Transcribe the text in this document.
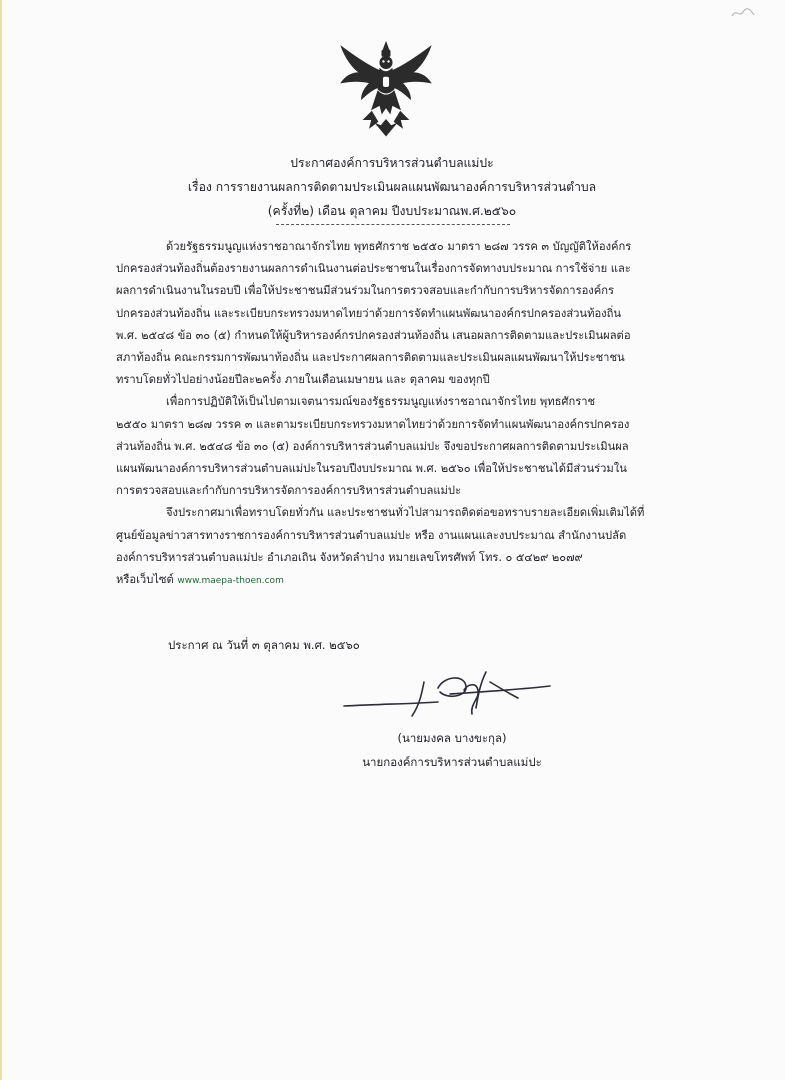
ประกาศองค์การบริหารส่วนตำบลแม่ปะ
เรื่อง การรายงานผลการติดตามประเมินผลแผนพัฒนาองค์การบริหารส่วนตำบล
(ครั้งที่๒) เดือน ตุลาคม ปีงบประมาณพ.ศ.๒๕๖๐

ด้วยรัฐธรรมนูญแห่งราชอาณาจักรไทย พุทธศักราช ๒๕๕๐ มาตรา ๒๘๗ วรรค ๓ บัญญัติให้องค์กร
ปกครองส่วนท้องถิ่นต้องรายงานผลการดำเนินงานต่อประชาชนในเรื่องการจัดทางบประมาณ การใช้จ่าย และ
ผลการดำเนินงานในรอบปี เพื่อให้ประชาชนมีส่วนร่วมในการตรวจสอบและกำกับการบริหารจัดการองค์กร
ปกครองส่วนท้องถิ่น และระเบียบกระทรวงมหาดไทยว่าด้วยการจัดทำแผนพัฒนาองค์กรปกครองส่วนท้องถิ่น
พ.ศ. ๒๕๔๘ ข้อ ๓๐ (๕) กำหนดให้ผู้บริหารองค์กรปกครองส่วนท้องถิ่น เสนอผลการติดตามและประเมินผลต่อ
สภาท้องถิ่น คณะกรรมการพัฒนาท้องถิ่น และประกาศผลการติดตามและประเมินผลแผนพัฒนาให้ประชาชน
ทราบโดยทั่วไปอย่างน้อยปีละ๒ครั้ง ภายในเดือนเมษายน และ ตุลาคม ของทุกปี

เพื่อการปฏิบัติให้เป็นไปตามเจตนารมณ์ของรัฐธรรมนูญแห่งราชอาณาจักรไทย พุทธศักราช
๒๕๕๐ มาตรา ๒๘๗ วรรค ๓ และตามระเบียบกระทรวงมหาดไทยว่าด้วยการจัดทำแผนพัฒนาองค์กรปกครอง
ส่วนท้องถิ่น พ.ศ. ๒๕๔๘ ข้อ ๓๐ (๕) องค์การบริหารส่วนตำบลแม่ปะ จึงขอประกาศผลการติดตามประเมินผล
แผนพัฒนาองค์การบริหารส่วนตำบลแม่ปะในรอบปีงบประมาณ พ.ศ. ๒๕๖๐ เพื่อให้ประชาชนได้มีส่วนร่วมใน
การตรวจสอบและกำกับการบริหารจัดการองค์การบริหารส่วนตำบลแม่ปะ

จึงประกาศมาเพื่อทราบโดยทั่วกัน และประชาชนทั่วไปสามารถติดต่อขอทราบรายละเอียดเพิ่มเติมได้ที่
ศูนย์ข้อมูลข่าวสารทางราชการองค์การบริหารส่วนตำบลแม่ปะ หรือ งานแผนและงบประมาณ สำนักงานปลัด
องค์การบริหารส่วนตำบลแม่ปะ อำเภอเถิน จังหวัดลำปาง หมายเลขโทรศัพท์ โทร. ๐ ๕๔๒๙ ๒๐๗๙
หรือเว็บไซต์ www.maepa-thoen.com

ประกาศ ณ วันที่ ๓ ตุลาคม พ.ศ. ๒๕๖๐
(นายมงคล บางขะกุล)
นายกองค์การบริหารส่วนตำบลแม่ปะ
